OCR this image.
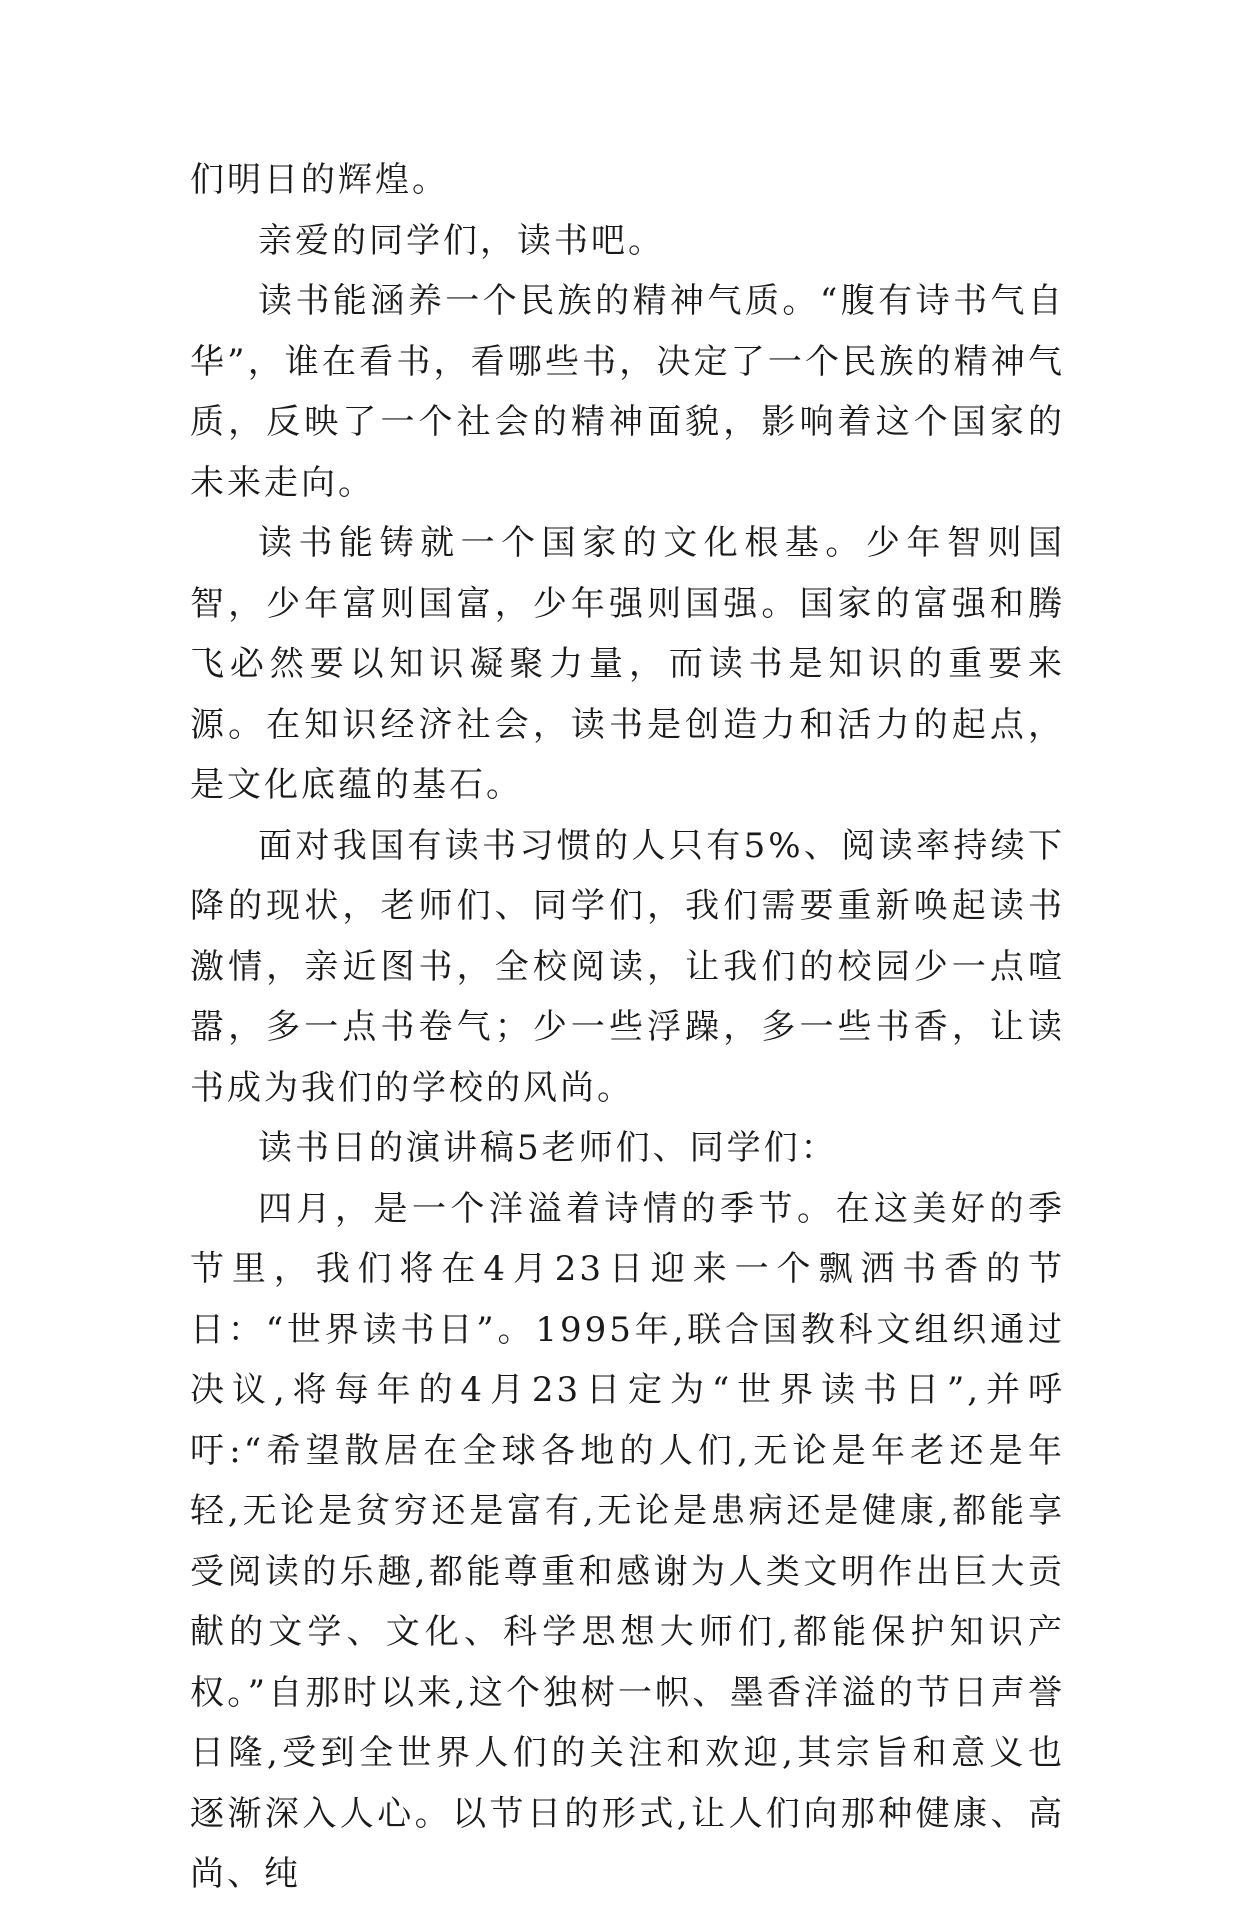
们明日的辉煌。

亲爱的同学们，读书吧。

读书能涵养一个民族的精神气质。“腹有诗书气自华”，谁在看书，看哪些书，决定了一个民族的精神气质，反映了一个社会的精神面貌，影响着这个国家的未来走向。

读书能铸就一个国家的文化根基。少年智则国智，少年富则国富，少年强则国强。国家的富强和腾飞必然要以知识凝聚力量，而读书是知识的重要来源。在知识经济社会，读书是创造力和活力的起点，是文化底蕴的基石。

面对我国有读书习惯的人只有5%、阅读率持续下降的现状，老师们、同学们，我们需要重新唤起读书激情，亲近图书，全校阅读，让我们的校园少一点喧嚣，多一点书卷气；少一些浮躁，多一些书香，让读书成为我们的学校的风尚。

读书日的演讲稿5老师们、同学们：

四月，是一个洋溢着诗情的季节。在这美好的季节里，我们将在4月23日迎来一个飘洒书香的节日：“世界读书日”。1995年,联合国教科文组织通过决议,将每年的4月23日定为“世界读书日”,并呼吁:“希望散居在全球各地的人们,无论是年老还是年轻,无论是贫穷还是富有,无论是患病还是健康,都能享受阅读的乐趣,都能尊重和感谢为人类文明作出巨大贡献的文学、文化、科学思想大师们,都能保护知识产权。”自那时以来,这个独树一帜、墨香洋溢的节日声誉日隆,受到全世界人们的关注和欢迎,其宗旨和意义也逐渐深入人心。以节日的形式,让人们向那种健康、高尚、纯
